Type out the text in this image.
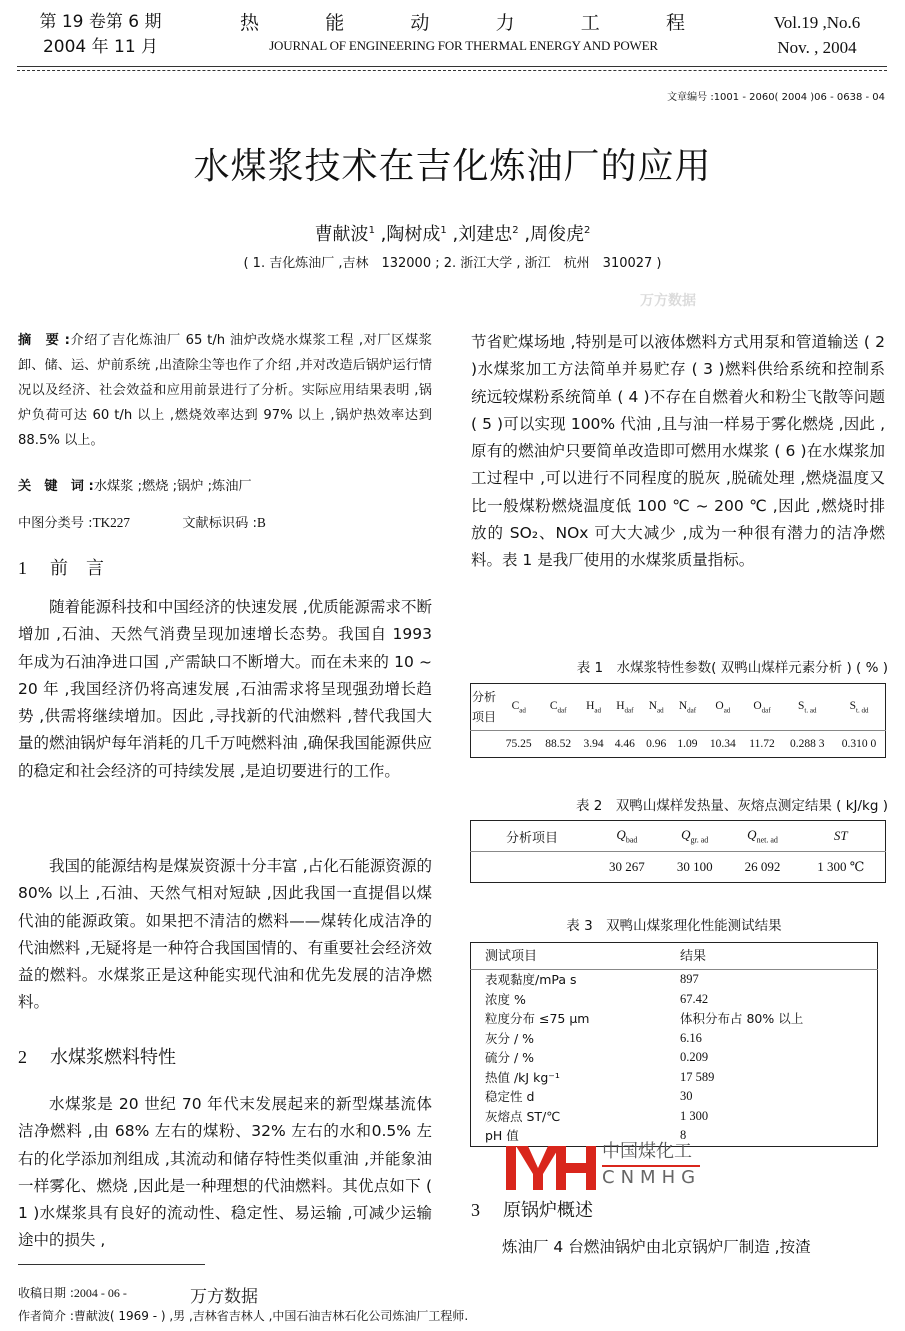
第 19 卷第 6 期
2004 年 11 月
热	能	动	力	工	程
JOURNAL OF ENGINEERING FOR THERMAL ENERGY AND POWER
Vol.19 ,No.6
Nov. , 2004
文章编号 :1001 - 2060( 2004 )06 - 0638 - 04
水煤浆技术在吉化炼油厂的应用
曹献波$^1$ ,陶树成$^1$ ,刘建忠$^2$ ,周俊虎$^2$
( 1. 吉化炼油厂 ,吉林　132000 ; 2. 浙江大学 , 浙江　杭州　310027 )
万方数据
摘　要 :介绍了吉化炼油厂 65 t/h 油炉改烧水煤浆工程 ,对厂区煤浆卸、储、运、炉前系统 ,出渣除尘等也作了介绍 ,并对改造后锅炉运行情况以及经济、社会效益和应用前景进行了分析。实际应用结果表明 ,锅炉负荷可达 60 t/h 以上 ,燃烧效率达到 97% 以上 ,锅炉热效率达到 88.5% 以上。
关　键　词 :水煤浆 ;燃烧 ;锅炉 ;炼油厂
中图分类号 :TK227	文献标识码 :B
1 前　言
随着能源科技和中国经济的快速发展 ,优质能源需求不断增加 ,石油、天然气消费呈现加速增长态势。我国自 1993 年成为石油净进口国 ,产需缺口不断增大。而在未来的 10 ~ 20 年 ,我国经济仍将高速发展 ,石油需求将呈现强劲增长趋势 ,供需将继续增加。因此 ,寻找新的代油燃料 ,替代我国大量的燃油锅炉每年消耗的几千万吨燃料油 ,确保我国能源供应的稳定和社会经济的可持续发展 ,是迫切要进行的工作。
我国的能源结构是煤炭资源十分丰富 ,占化石能源资源的 80% 以上 ,石油、天然气相对短缺 ,因此我国一直提倡以煤代油的能源政策。如果把不清洁的燃料——煤转化成洁净的代油燃料 ,无疑将是一种符合我国国情的、有重要社会经济效益的燃料。水煤浆正是这种能实现代油和优先发展的洁净燃料。
2 水煤浆燃料特性
水煤浆是 20 世纪 70 年代末发展起来的新型煤基流体洁净燃料 ,由 68% 左右的煤粉、32% 左右的水和0.5% 左右的化学添加剂组成 ,其流动和储存特性类似重油 ,并能象油一样雾化、燃烧 ,因此是一种理想的代油燃料。其优点如下 ( 1 )水煤浆具有良好的流动性、稳定性、易运输 ,可减少运输途中的损失 ,
节省贮煤场地 ,特别是可以液体燃料方式用泵和管道输送 ( 2 )水煤浆加工方法简单并易贮存 ( 3 )燃料供给系统和控制系统远较煤粉系统简单 ( 4 )不存在自燃着火和粉尘飞散等问题 ( 5 )可以实现 100% 代油 ,且与油一样易于雾化燃烧 ,因此 ,原有的燃油炉只要简单改造即可燃用水煤浆 ( 6 )在水煤浆加工过程中 ,可以进行不同程度的脱灰 ,脱硫处理 ,燃烧温度又比一般煤粉燃烧温度低 100 ℃ ~ 200 ℃ ,因此 ,燃烧时排放的 SO₂、NOx 可大大减少 ,成为一种很有潜力的洁净燃料。表 1 是我厂使用的水煤浆质量指标。
表 1　水煤浆特性参数( 双鸭山煤样元素分析 ) ( % )
分析项目	$C_{ad}$	$C_{daf}$	$H_{ad}$	$H_{daf}$	$N_{ad}$	$N_{daf}$	$O_{ad}$	$O_{daf}$	$S_{t. ad}$	$S_{t. dd}$
	75.25	88.52	3.94	4.46	0.96	1.09	10.34	11.72	0.288 3	0.310 0
表 2　双鸭山煤样发热量、灰熔点测定结果 ( kJ/kg )
分析项目	$Q_{bad}$	$Q_{gr. ad}$	$Q_{net. ad}$	ST
	30 267	30 100	26 092	1 300 ℃
表 3　双鸭山煤浆理化性能测试结果
测试项目	结果
表观黏度/mPa s	897
浓度 %	67.42
粒度分布 ≤75 μm	体积分布占 80% 以上
灰分 / %	6.16
硫分 / %	0.209
热值 /kJ kg⁻¹	17 589
稳定性 d	30
灰熔点 ST/℃	1 300
pH 值	8
中国煤化工
CNMHG
3 原锅炉概述
炼油厂 4 台燃油锅炉由北京锅炉厂制造 ,按渣
收稿日期 :2004 - 06 -	万方数据
作者简介 :曹献波( 1969 - ) ,男 ,吉林省吉林人 ,中国石油吉林石化公司炼油厂工程师.
